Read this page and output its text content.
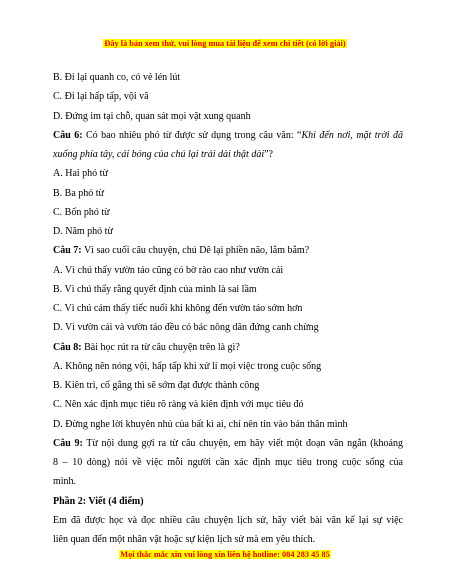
Đây là bản xem thử, vui lòng mua tài liệu để xem chi tiết (có lời giải)
B. Đi lại quanh co, có vẻ lén lút
C. Đi lại hấp tấp, vội vã
D. Đứng im tại chỗ, quan sát mọi vật xung quanh
Câu 6: Có bao nhiêu phó từ được sử dụng trong câu văn: “Khi đến nơi, mặt trời đã
xuống phía tây, cái bóng của chú lại trải dài thật dài”?
A. Hai phó từ
B. Ba phó từ
C. Bốn phó từ
D. Năm phó từ
Câu 7: Vì sao cuối câu chuyện, chú Dê lại phiền não, lắm bắm?
A. Vì chú thấy vườn táo cũng có bờ rào cao như vườn cải
B. Vì chú thấy rằng quyết định của mình là sai lầm
C. Vì chú cảm thấy tiếc nuối khi không đến vườn táo sớm hơn
D. Vì vườn cải và vườn táo đều có bác nông dân đứng canh chừng
Câu 8: Bài học rút ra từ câu chuyện trên là gì?
A. Không nên nóng vội, hấp tấp khi xử lí mọi việc trong cuộc sống
B. Kiên trì, cố gắng thì sẽ sớm đạt được thành công
C. Nên xác định mục tiêu rõ ràng và kiên định với mục tiêu đó
D. Đừng nghe lời khuyên nhủ của bất kì ai, chỉ nên tin vào bản thân mình
Câu 9: Từ nội dung gợi ra từ câu chuyện, em hãy viết một đoạn văn ngắn (khoảng
8 – 10 dòng) nói về việc mỗi người cần xác định mục tiêu trong cuộc sống của
mình.
Phần 2: Viết (4 điểm)
Em đã được học và đọc nhiều câu chuyện lịch sử, hãy viết bài văn kể lại sự việc
liên quan đến một nhân vật hoặc sự kiện lịch sử mà em yêu thích.
Mọi thắc mắc xin vui lòng xin liên hệ hotline: 084 283 45 85
